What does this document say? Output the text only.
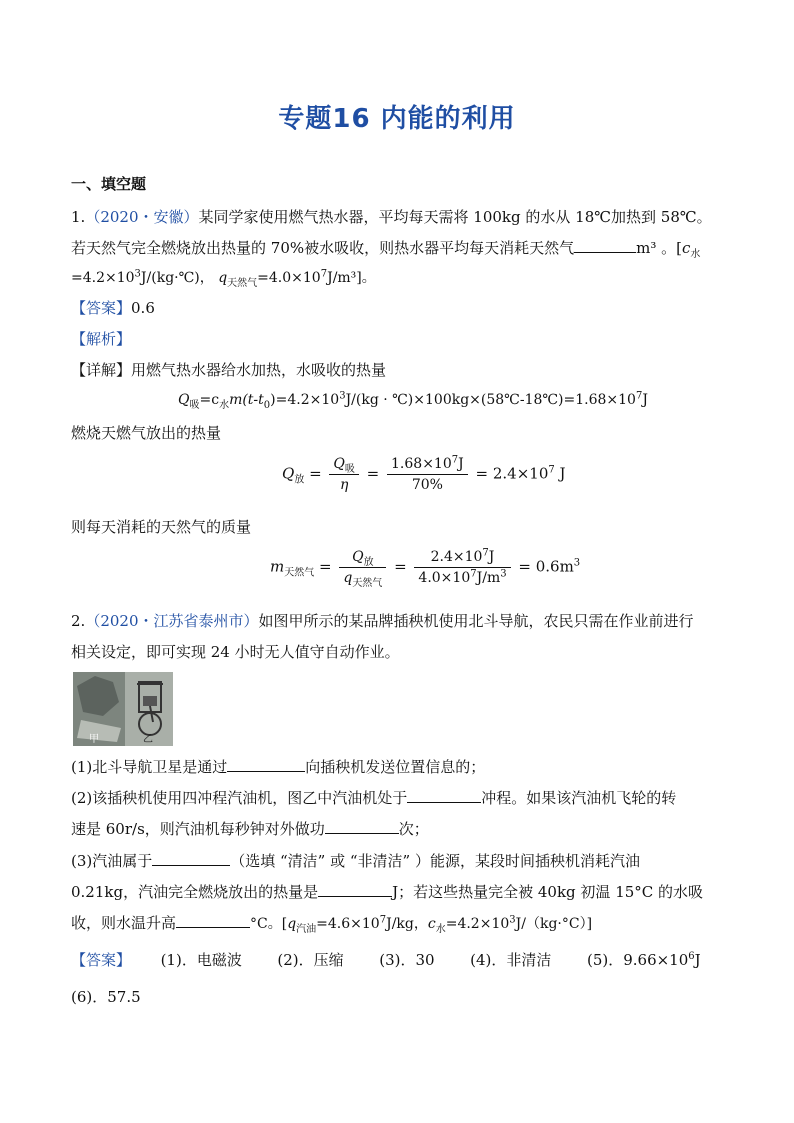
专题16 内能的利用
一、填空题
1.（2020・安徽）某同学家使用燃气热水器，平均每天需将 100kg 的水从 18℃加热到 58℃。
若天然气完全燃烧放出热量的 70%被水吸收，则热水器平均每天消耗天然气	m³ 。[$c_水$
$=4.2\times 10^3J/(kg\cdot℃)$， $q_{天然气}=4.0\times 10^7J/m^3$]。
【答案】0.6
【解析】
【详解】用燃气热水器给水加热，水吸收的热量
$Q_吸=c_水m(t-t_0)=4.2\times 10^3J/(kg$ · $℃)\times 100kg\times(58℃-18℃)=1.68\times 10^7J$
燃烧天燃气放出的热量
$Q_放 = \frac{Q_吸}{\eta} = \frac{1.68\times 10^7J}{70\%} = 2.4\times 10^7$ J
则每天消耗的天然气的质量
$m_{天然气} = \frac{Q_放}{q_{天然气}} = \frac{2.4\times 10^7J}{4.0\times 10^7J/m^3} = 0.6m^3$
2.（2020・江苏省泰州市）如图甲所示的某品牌插秧机使用北斗导航，农民只需在作业前进行
相关设定，即可实现 24 小时无人值守自动作业。
甲	乙
(1)北斗导航卫星是通过	向插秧机发送位置信息的；
(2)该插秧机使用四冲程汽油机，图乙中汽油机处于	冲程。如果该汽油机飞轮的转
速是 60r/s，则汽油机每秒钟对外做功	次；
(3)汽油属于	（选填 “清洁” 或 “非清洁” ）能源，某段时间插秧机消耗汽油
0.21kg，汽油完全燃烧放出的热量是	J；若这些热量完全被 40kg 初温 15°C 的水吸
收，则水温升高	°C。[$q_{汽油}=4.6\times 10^7J/kg$，$c_水=4.2\times 10^3J/(kg\cdot^\circ C)$]
【答案】 (1)．电磁波 (2)．压缩 (3)．30 (4)．非清洁 (5)．$9.66\times 10^6J$
(6)．57.5
